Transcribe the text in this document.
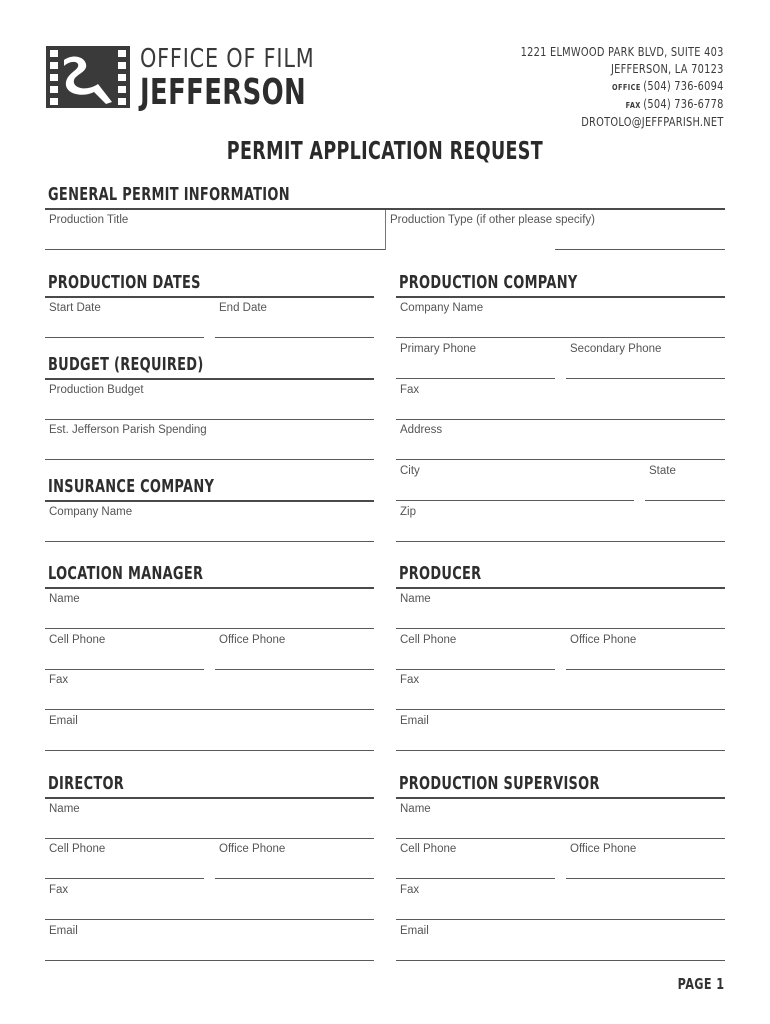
OFFICE OF FILM
JEFFERSON
1221 ELMWOOD PARK BLVD, SUITE 403
JEFFERSON, LA 70123
OFFICE (504) 736-6094
FAX (504) 736-6778
DROTOLO@JEFFPARISH.NET
PERMIT APPLICATION REQUEST
GENERAL PERMIT INFORMATION
Production Title	Production Type (if other please specify)
PRODUCTION DATES
Start Date	End Date
BUDGET (REQUIRED)
Production Budget
Est. Jefferson Parish Spending
INSURANCE COMPANY
Company Name
PRODUCTION COMPANY
Company Name
Primary Phone	Secondary Phone
Fax
Address
City	State
Zip
LOCATION MANAGER
Name
Cell Phone	Office Phone
Fax
Email
PRODUCER
Name
Cell Phone	Office Phone
Fax
Email
DIRECTOR
Name
Cell Phone	Office Phone
Fax
Email
PRODUCTION SUPERVISOR
Name
Cell Phone	Office Phone
Fax
Email
PAGE 1
